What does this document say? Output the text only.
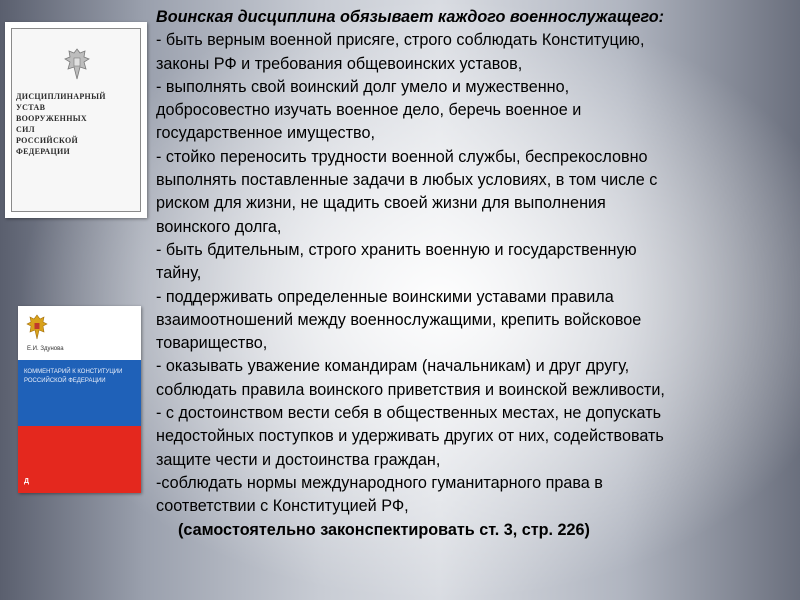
ДИСЦИПЛИНАРНЫЙ
УСТАВ
ВООРУЖЕННЫХ
СИЛ
РОССИЙСКОЙ
ФЕДЕРАЦИИ
Е.И. Здунова
КОММЕНТАРИЙ К КОНСТИТУЦИИ
РОССИЙСКОЙ ФЕДЕРАЦИИ
Д
Воинская дисциплина обязывает каждого военнослужащего:
- быть верным военной присяге, строго соблюдать Конституцию,
законы РФ и требования общевоинских уставов,
- выполнять свой воинский долг умело и мужественно,
добросовестно изучать военное дело, беречь военное и
государственное имущество,
- стойко переносить трудности военной службы, беспрекословно
выполнять поставленные задачи в любых условиях, в том числе с
риском для жизни, не щадить своей жизни для выполнения
воинского долга,
- быть бдительным, строго хранить военную и государственную
тайну,
- поддерживать определенные воинскими уставами правила
взаимоотношений между военнослужащими, крепить войсковое
товарищество,
- оказывать уважение командирам (начальникам) и друг другу,
соблюдать правила воинского приветствия и воинской вежливости,
- с достоинством вести себя в общественных местах, не допускать
недостойных поступков и удерживать других от них, содействовать
защите чести и достоинства граждан,
-соблюдать нормы международного гуманитарного права в
соответствии с Конституцией РФ,
(самостоятельно законспектировать ст. 3, стр. 226)
